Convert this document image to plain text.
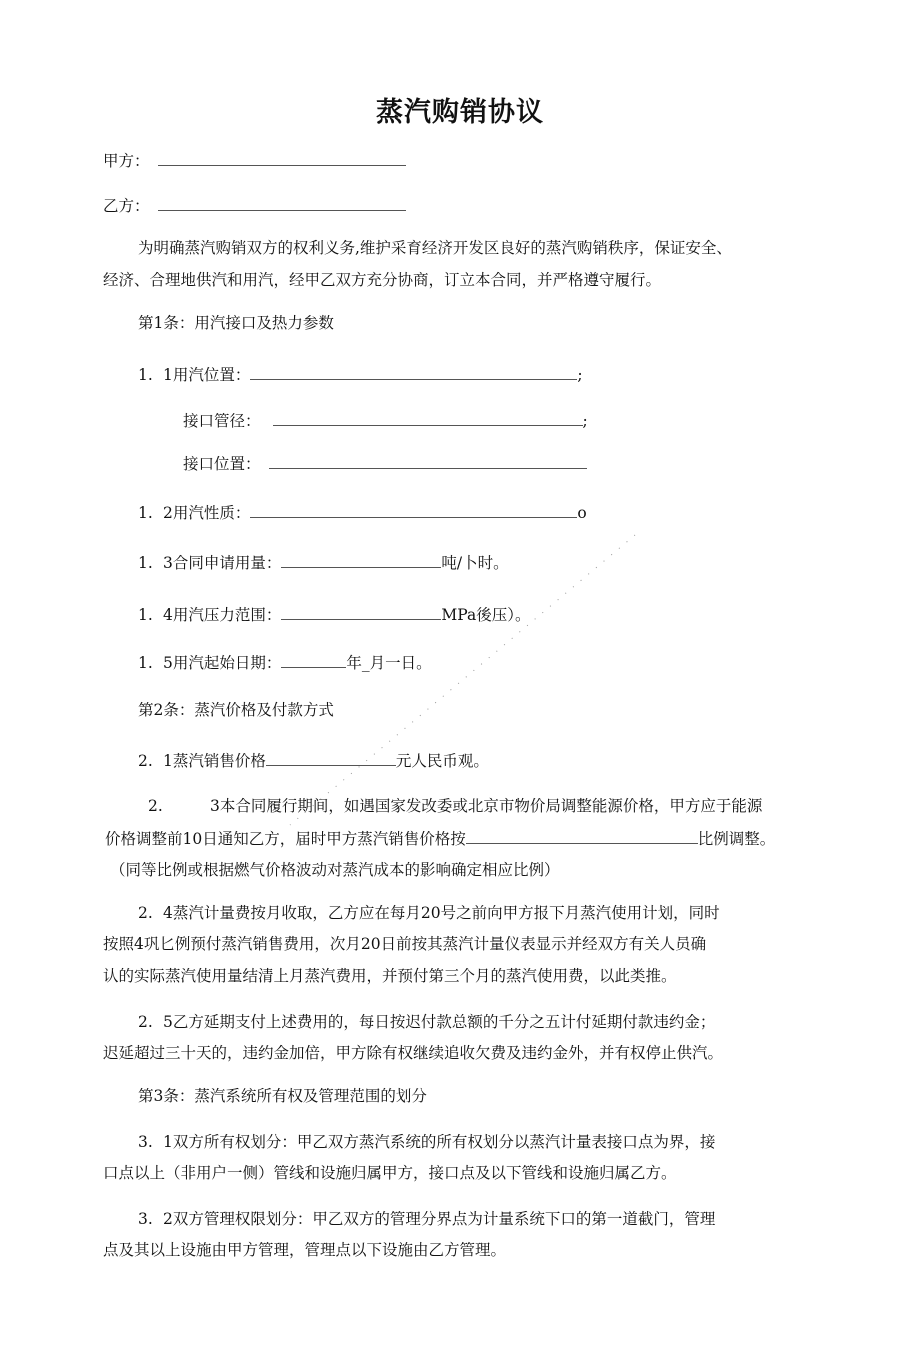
蒸汽购销协议
甲方：
乙方：
为明确蒸汽购销双方的权利义务,维护采育经济开发区良好的蒸汽购销秩序，保证安全、
经济、合理地供汽和用汽，经甲乙双方充分协商，订立本合同，并严格遵守履行。
第1条：用汽接口及热力参数
1. 1用汽位置：	;
接口管径：	;
接口位置：
1. 2用汽性质：	o
1. 3合同申请用量：	吨/卜时。
1. 4用汽压力范围：	MPa後压）。
1. 5用汽起始日期：	年_月一日。
第2条：蒸汽价格及付款方式
2. 1蒸汽销售价格	元人民币观。
2.	3本合同履行期间，如遇国家发改委或北京市物价局调整能源价格，甲方应于能源
价格调整前10日通知乙方，届时甲方蒸汽销售价格按	比例调整。
（同等比例或根据燃气价格波动对蒸汽成本的影响确定相应比例）
2. 4蒸汽计量费按月收取，乙方应在每月20号之前向甲方报下月蒸汽使用计划，同时
按照4巩匕例预付蒸汽销售费用，次月20日前按其蒸汽计量仪表显示并经双方有关人员确
认的实际蒸汽使用量结清上月蒸汽费用，并预付第三个月的蒸汽使用费，以此类推。
2. 5乙方延期支付上述费用的，每日按迟付款总额的千分之五计付延期付款违约金；
迟延超过三十天的，违约金加倍，甲方除有权继续追收欠费及违约金外，并有权停止供汽。
第3条：蒸汽系统所有权及管理范围的划分
3. 1双方所有权划分：甲乙双方蒸汽系统的所有权划分以蒸汽计量表接口点为界，接
口点以上（非用户一侧）管线和设施归属甲方，接口点及以下管线和设施归属乙方。
3. 2双方管理权限划分：甲乙双方的管理分界点为计量系统下口的第一道截门，管理
点及其以上设施由甲方管理，管理点以下设施由乙方管理。
